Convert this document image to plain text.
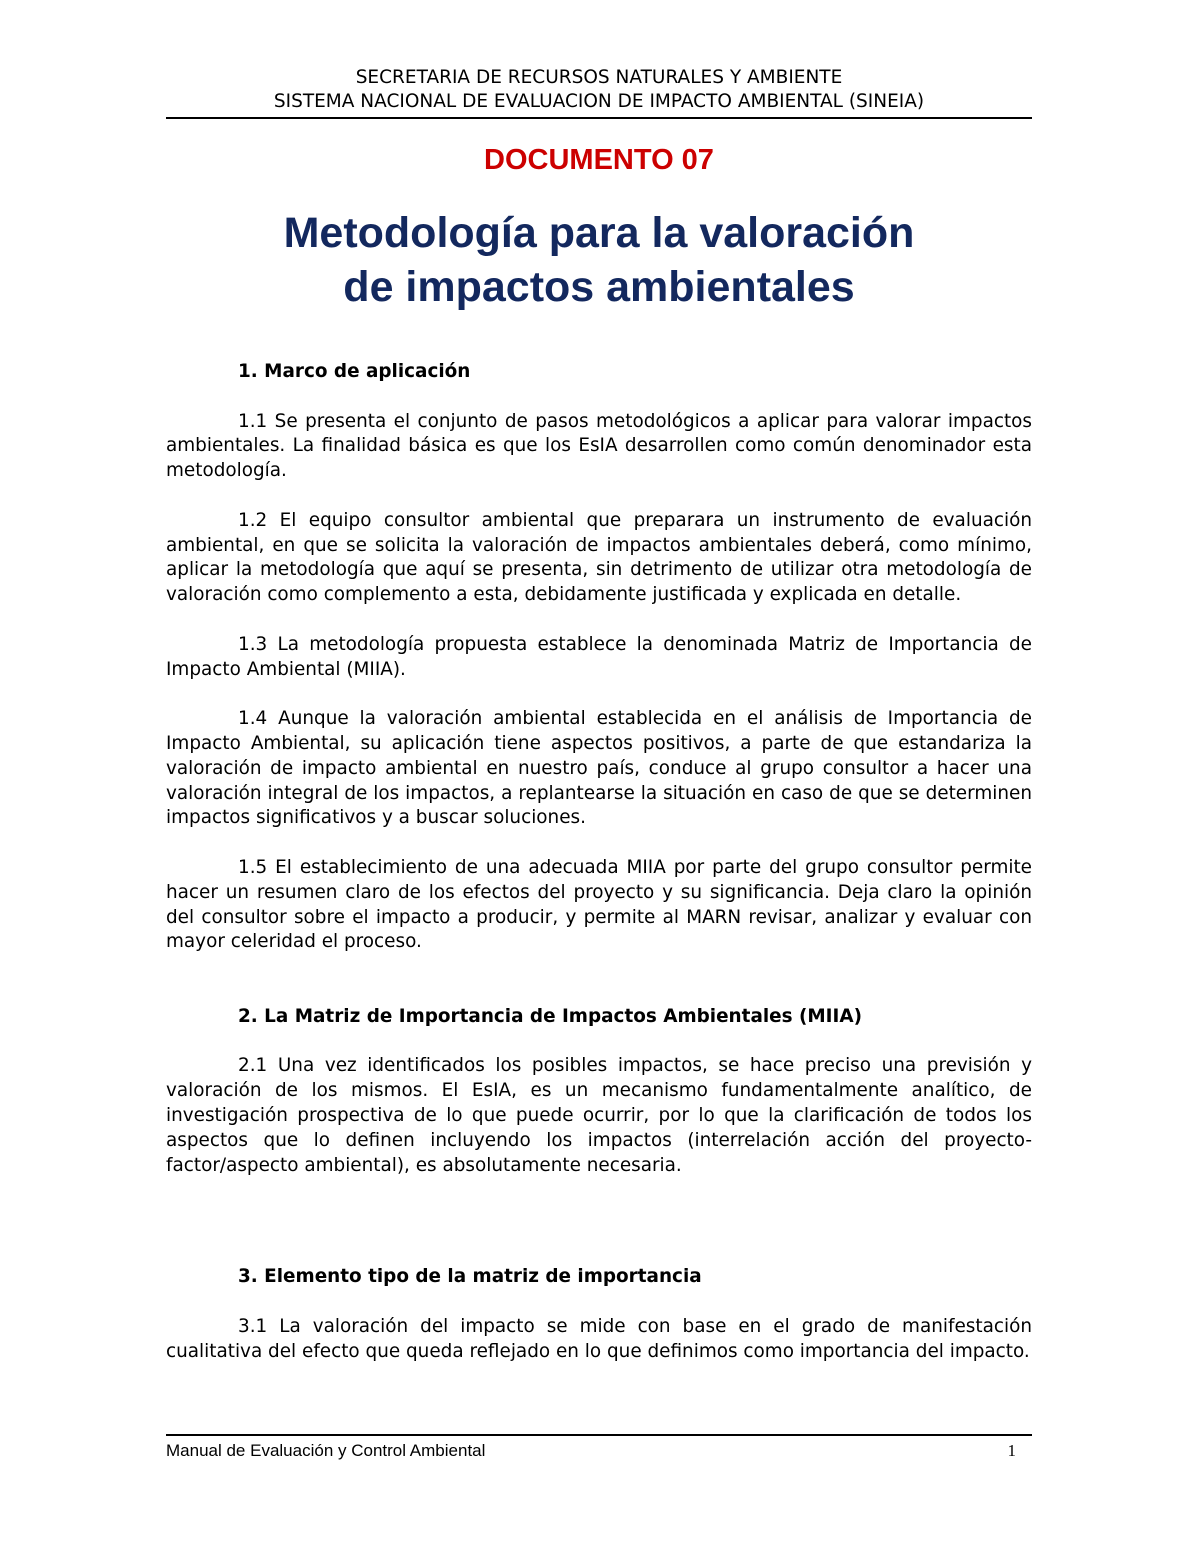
SECRETARIA DE RECURSOS NATURALES Y AMBIENTE
SISTEMA NACIONAL DE EVALUACION DE IMPACTO AMBIENTAL (SINEIA)
DOCUMENTO 07
Metodología para la valoración
de impactos ambientales

1. Marco de aplicación

1.1 Se presenta el conjunto de pasos metodológicos a aplicar para valorar impactos ambientales. La finalidad básica es que los EsIA desarrollen como común denominador esta metodología.

1.2 El equipo consultor ambiental que preparara un instrumento de evaluación ambiental, en que se solicita la valoración de impactos ambientales deberá, como mínimo, aplicar la metodología que aquí se presenta, sin detrimento de utilizar otra metodología de valoración como complemento a esta, debidamente justificada y explicada en detalle.

1.3 La metodología propuesta establece la denominada Matriz de Importancia de Impacto Ambiental (MIIA).

1.4 Aunque la valoración ambiental establecida en el análisis de Importancia de Impacto Ambiental, su aplicación tiene aspectos positivos, a parte de que estandariza la valoración de impacto ambiental en nuestro país, conduce al grupo consultor a hacer una valoración integral de los impactos, a replantearse la situación en caso de que se determinen impactos significativos y a buscar soluciones.

1.5 El establecimiento de una adecuada MIIA por parte del grupo consultor permite hacer un resumen claro de los efectos del proyecto y su significancia. Deja claro la opinión del consultor sobre el impacto a producir, y permite al MARN revisar, analizar y evaluar con mayor celeridad el proceso.

2. La Matriz de Importancia de Impactos Ambientales (MIIA)

2.1 Una vez identificados los posibles impactos, se hace preciso una previsión y valoración de los mismos. El EsIA, es un mecanismo fundamentalmente analítico, de investigación prospectiva de lo que puede ocurrir, por lo que la clarificación de todos los aspectos que lo definen incluyendo los impactos (interrelación acción del proyecto-factor/aspecto ambiental), es absolutamente necesaria.

3. Elemento tipo de la matriz de importancia

3.1 La valoración del impacto se mide con base en el grado de manifestación cualitativa del efecto que queda reflejado en lo que definimos como importancia del impacto.

Manual de Evaluación y Control Ambiental	1
